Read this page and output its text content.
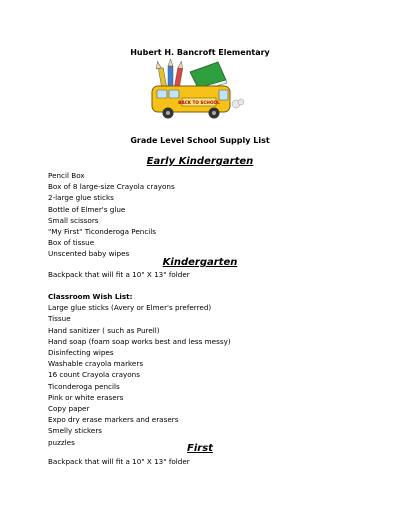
Hubert H. Bancroft Elementary
BACK TO SCHOOL
Grade Level School Supply List
Early Kindergarten
Pencil Box
Box of 8 large-size Crayola crayons
2-large glue sticks
Bottle of Elmer's glue
Small scissors
"My First" Ticonderoga Pencils
Box of tissue
Unscented baby wipes
Kindergarten
Backpack that will fit a 10" X 13" folder
Classroom Wish List:
Large glue sticks (Avery or Elmer's preferred)
Tissue
Hand sanitizer ( such as Purell)
Hand soap (foam soap works best and less messy)
Disinfecting wipes
Washable crayola markers
16 count Crayola crayons
Ticonderoga pencils
Pink or white erasers
Copy paper
Expo dry erase markers and erasers
Smelly stickers
puzzles
First
Backpack that will fit a 10" X 13" folder
